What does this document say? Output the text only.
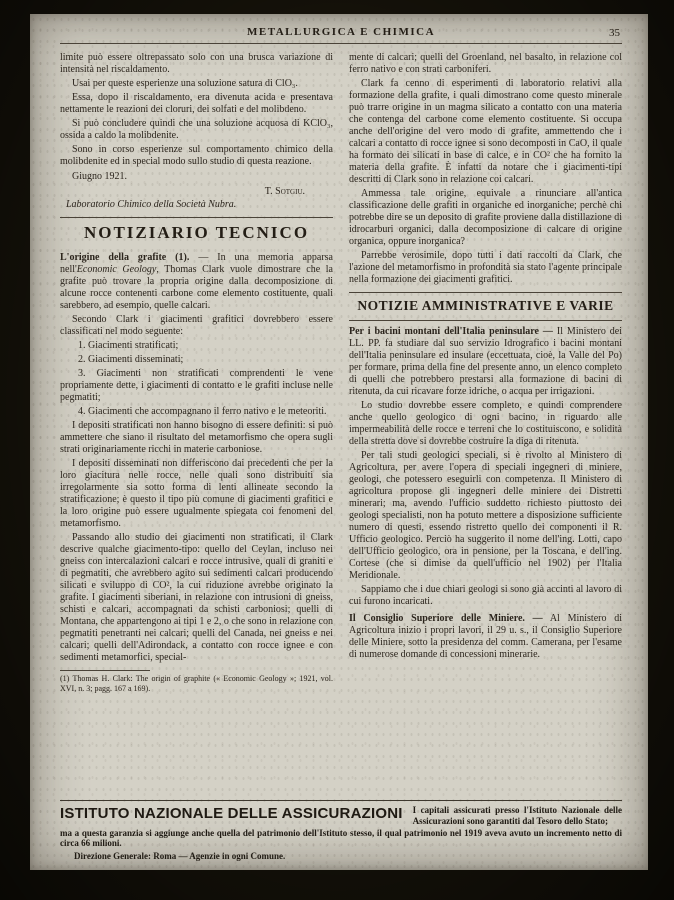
METALLURGICA E CHIMICA	35

limite può essere oltrepassato solo con una brusca variazione di intensità nel riscaldamento.

Usai per queste esperienze una soluzione satura di ClO₃.

Essa, dopo il riscaldamento, era divenuta acida e presentava nettamente le reazioni dei cloruri, dei solfati e del molibdeno.

Si può concludere quindi che una soluzione acquosa di KClO₃, ossida a caldo la molibdenite.

Sono in corso esperienze sul comportamento chimico della molibdenite ed in special modo sullo studio di questa reazione.

Giugno 1921.

T. Sotgiu.

Laboratorio Chimico della Società Nubra.

NOTIZIARIO TECNICO

L'origine della grafite (1). — In una memoria apparsa nell'Economic Geology, Thomas Clark vuole dimostrare che la grafite può trovare la propria origine dalla decomposizione di alcune rocce contenenti carbone come elemento costituente, quali sarebbero, ad esempio, quelle calcari.

Secondo Clark i giacimenti grafitici dovrebbero essere classificati nel modo seguente:

1. Giacimenti stratificati;

2. Giacimenti disseminati;

3. Giacimenti non stratificati comprendenti le vene propriamente dette, i giacimenti di contatto e le grafiti incluse nelle pegmatiti;

4. Giacimenti che accompagnano il ferro nativo e le meteoriti.

I depositi stratificati non hanno bisogno di essere definiti: si può ammettere che siano il risultato del metamorfismo che opera sugli strati originariamente ricchi in materie carboniose.

I depositi disseminati non differiscono dai precedenti che per la loro giacitura nelle rocce, nelle quali sono distribuiti sia irregolarmente sia sotto forma di lenti allineate secondo la stratificazione; è questo il tipo più comune di giacimenti grafitici e la loro origine può essere ugualmente spiegata coi fenomeni del metamorfismo.

Passando allo studio dei giacimenti non stratificati, il Clark descrive qualche giacimento-tipo: quello del Ceylan, incluso nei gneiss con intercalazioni calcari e rocce intrusive, quali di graniti e di pegmatiti, che avrebbero agito sui sedimenti calcari producendo silicati e sviluppo di CO², la cui riduzione avrebbe originato la grafite. I giacimenti siberiani, in relazione con intrusioni di gneiss, schisti e calcari, accompagnati da schisti carboniosi; quelli di Montana, che appartengono ai tipi 1 e 2, o che sono in relazione con pegmatiti penetranti nei calcari; quelli del Canada, nei gneiss e nei calcari; quelli dell'Adirondack, a contatto con rocce ignee e con sedimenti metamorfici, special-

(1) Thomas H. Clark: The origin of graphite (« Economic Geology »; 1921, vol. XVI, n. 3; pagg. 167 a 169).

mente di calcari; quelli del Groenland, nel basalto, in relazione col ferro nativo e con strati carboniferi.

Clark fa cenno di esperimenti di laboratorio relativi alla formazione della grafite, i quali dimostrano come questo minerale può trarre origine in un magma silicato a contatto con una materia che contenga del carbone come elemento costituente. Si occupa anche dell'origine del vero modo di grafite, ammettendo che i calcari a contatto di rocce ignee si sono decomposti in CaO, il quale ha formato dei silicati in base di calce, e in CO² che ha fornito la materia della grafite. È infatti da notare che i giacimenti-tipi descritti di Clark sono in relazione coi calcari.

Ammessa tale origine, equivale a rinunciare all'antica classificazione delle grafiti in organiche ed inorganiche; perchè chi potrebbe dire se un deposito di grafite proviene dalla distillazione di idrocarburi organici, dalla decomposizione di calcare di origine organica, oppure inorganica?

Parrebbe verosimile, dopo tutti i dati raccolti da Clark, che l'azione del metamorfismo in profondità sia stato l'agente principale nella formazione dei giacimenti grafitici.

NOTIZIE AMMINISTRATIVE E VARIE

Per i bacini montani dell'Italia peninsulare — Il Ministero dei LL. PP. fa studiare dal suo servizio Idrografico i bacini montani dell'Italia peninsulare ed insulare (eccettuata, cioè, la Valle del Po) per formare, prima della fine del presente anno, un elenco completo di quelli che potrebbero prestarsi alla formazione di bacini di ritenuta, da cui ricavare forze idriche, o acqua per irrigazioni.

Lo studio dovrebbe essere completo, e quindi comprendere anche quello geologico di ogni bacino, in riguardo alle impermeabilità delle rocce e terreni che lo costituiscono, e solidità della stretta dove si dovrebbe costruire la diga di ritenuta.

Per tali studi geologici speciali, si è rivolto al Ministero di Agricoltura, per avere l'opera di speciali ingegneri di miniere, geologi, che potessero eseguirli con competenza. Il Ministero di agricoltura propose gli ingegneri delle miniere dei Distretti minerari; ma, avendo l'ufficio suddetto richiesto piuttosto dei geologi specialisti, non ha potuto mettere a disposizione sufficiente numero di questi, essendo ristretto quello dei componenti il R. Ufficio geologico. Perciò ha suggerito il nome dell'ing. Lotti, capo dell'Ufficio geologico, ora in pensione, per la Toscana, e dell'ing. Cortese (che si dimise da quell'ufficio nel 1902) per l'Italia Meridionale.

Sappiamo che i due chiari geologi si sono già accinti al lavoro di cui furono incaricati.

Il Consiglio Superiore delle Miniere. — Al Ministero di Agricoltura inizio i propri lavori, il 29 u. s., il Consiglio Superiore delle Miniere, sotto la presidenza del comm. Camerana, per l'esame di numerose domande di concessioni minerarie.

ISTITUTO NAZIONALE DELLE ASSICURAZIONI I capitali assicurati presso l'Istituto Nazionale delle Assicurazioni sono garantiti dal Tesoro dello Stato;
ma a questa garanzia si aggiunge anche quella del patrimonio dell'Istituto stesso, il qual patrimonio nel 1919 aveva avuto un incremento netto di circa 66 milioni.
Direzione Generale: Roma — Agenzie in ogni Comune.
